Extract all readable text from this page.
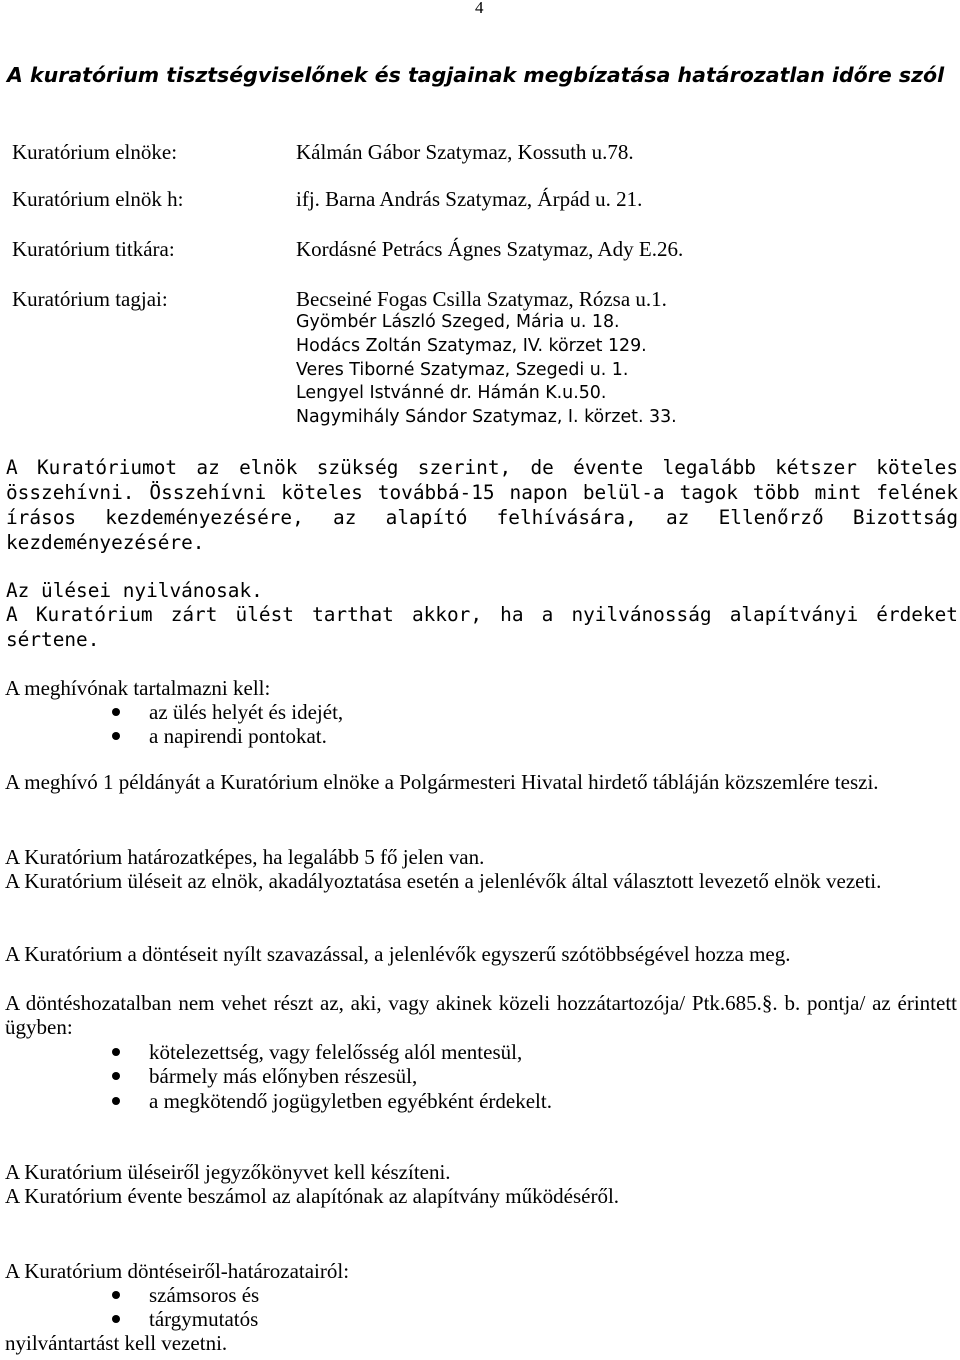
4
A kuratórium tisztségviselőnek és tagjainak megbízatása határozatlan időre szól
Kuratórium elnöke:	Kálmán Gábor Szatymaz, Kossuth u.78.
Kuratórium elnök h:	ifj. Barna András Szatymaz, Árpád u. 21.
Kuratórium titkára:	Kordásné Petrács Ágnes Szatymaz, Ady E.26.
Kuratórium tagjai:	Becseiné Fogas Csilla Szatymaz, Rózsa u.1.
Gyömbér László Szeged, Mária u. 18.
Hodács Zoltán Szatymaz, IV. körzet 129.
Veres Tiborné Szatymaz, Szegedi u. 1.
Lengyel Istvánné dr. Hámán K.u.50.
Nagymihály Sándor Szatymaz, I. körzet. 33.

A Kuratóriumot az elnök szükség szerint, de évente legalább kétszer köteles összehívni. Összehívni köteles továbbá-15 napon belül-a tagok több mint felének írásos kezdeményezésére, az alapító felhívására, az Ellenőrző Bizottság kezdeményezésére.

Az ülései nyilvánosak.

A Kuratórium zárt ülést tarthat akkor, ha a nyilvánosság alapítványi érdeket sértene.

A meghívónak tartalmazni kell:

az ülés helyét és idejét,
a napirendi pontokat.

A meghívó 1 példányát a Kuratórium elnöke a Polgármesteri Hivatal hirdető tábláján közszemlére teszi.

A Kuratórium határozatképes, ha legalább 5 fő jelen van.

A Kuratórium üléseit az elnök, akadályoztatása esetén a jelenlévők által választott levezető elnök vezeti.

A Kuratórium a döntéseit nyílt szavazással, a jelenlévők egyszerű szótöbbségével hozza meg.

A döntéshozatalban nem vehet részt az, aki, vagy akinek közeli hozzátartozója/ Ptk.685.§. b. pontja/ az érintett ügyben:

kötelezettség, vagy felelősség alól mentesül,
bármely más előnyben részesül,
a megkötendő jogügyletben egyébként érdekelt.

A Kuratórium üléseiről jegyzőkönyvet kell készíteni.

A Kuratórium évente beszámol az alapítónak az alapítvány működéséről.

A Kuratórium döntéseiről-határozatairól:

számsoros és
tárgymutatós

nyilvántartást kell vezetni.
